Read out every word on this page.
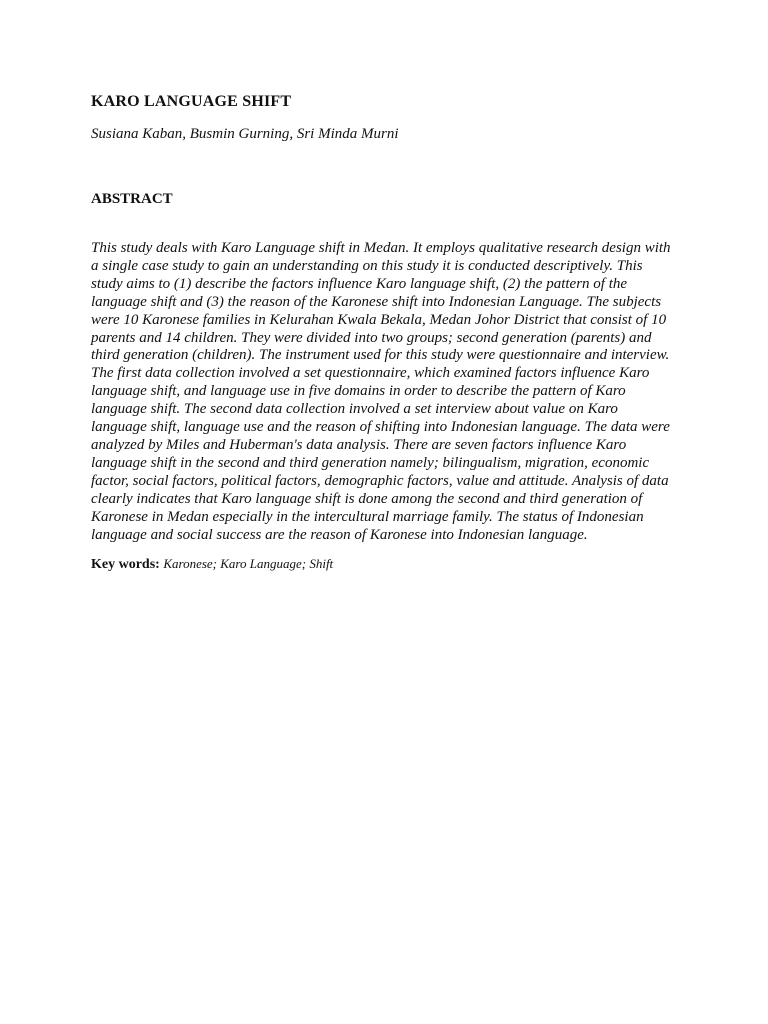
KARO LANGUAGE SHIFT

Susiana Kaban, Busmin Gurning, Sri Minda Murni

ABSTRACT

This study deals with Karo Language shift in Medan. It employs qualitative research design with
a single case study to gain an understanding on this study it is conducted descriptively. This
study aims to (1) describe the factors influence Karo language shift, (2) the pattern of the
language shift and (3) the reason of the Karonese shift into Indonesian Language. The subjects
were 10 Karonese families in Kelurahan Kwala Bekala, Medan Johor District that consist of 10
parents and 14 children. They were divided into two groups; second generation (parents) and
third generation (children). The instrument used for this study were questionnaire and interview.
The first data collection involved a set questionnaire, which examined factors influence Karo
language shift, and language use in five domains in order to describe the pattern of Karo
language shift. The second data collection involved a set interview about value on Karo
language shift, language use and the reason of shifting into Indonesian language. The data were
analyzed by Miles and Huberman's data analysis. There are seven factors influence Karo
language shift in the second and third generation namely; bilingualism, migration, economic
factor, social factors, political factors, demographic factors, value and attitude. Analysis of data
clearly indicates that Karo language shift is done among the second and third generation of
Karonese in Medan especially in the intercultural marriage family. The status of Indonesian
language and social success are the reason of Karonese into Indonesian language.

Key words: Karonese; Karo Language; Shift
